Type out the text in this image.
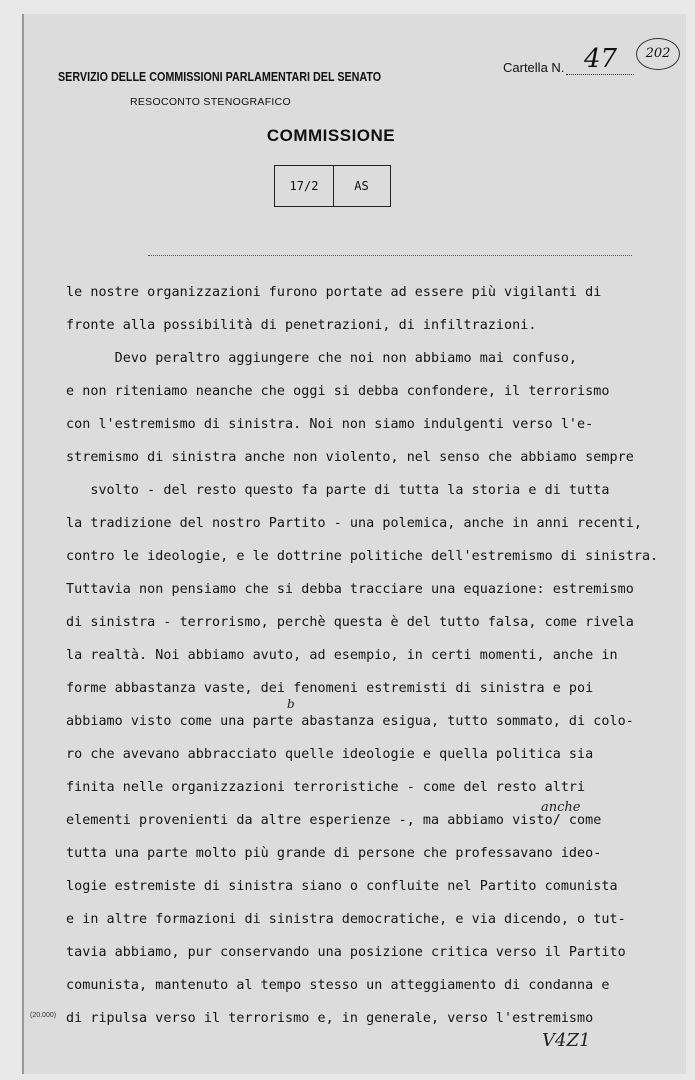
SERVIZIO DELLE COMMISSIONI PARLAMENTARI DEL SENATO
RESOCONTO STENOGRAFICO
Cartella N. 47	202
COMMISSIONE
17/2	AS
le nostre organizzazioni furono portate ad essere più vigilanti di
fronte alla possibilità di penetrazioni, di infiltrazioni.
Devo peraltro aggiungere che noi non abbiamo mai confuso,
e non riteniamo neanche che oggi si debba confondere, il terrorismo
con l'estremismo di sinistra. Noi non siamo indulgenti verso l'e-
stremismo di sinistra anche non violento, nel senso che abbiamo sempre
svolto - del resto questo fa parte di tutta la storia e di tutta
la tradizione del nostro Partito - una polemica, anche in anni recenti,
contro le ideologie, e le dottrine politiche dell'estremismo di sinistra.
Tuttavia non pensiamo che si debba tracciare una equazione: estremismo
di sinistra - terrorismo, perchè questa è del tutto falsa, come rivela
la realtà. Noi abbiamo avuto, ad esempio, in certi momenti, anche in
forme abbastanza vaste, dei fenomeni estremisti di sinistra e poi
abbiamo visto come una parte abastanza esigua, tutto sommato, di colo-
ro che avevano abbracciato quelle ideologie e quella politica sia
finita nelle organizzazioni terroristiche - come del resto altri
elementi provenienti da altre esperienze -, ma abbiamo visto/ come
tutta una parte molto più grande di persone che professavano ideo-
logie estremiste di sinistra siano o confluite nel Partito comunista
e in altre formazioni di sinistra democratiche, e via dicendo, o tut-
tavia abbiamo, pur conservando una posizione critica verso il Partito
comunista, mantenuto al tempo stesso un atteggiamento di condanna e
di ripulsa verso il terrorismo e, in generale, verso l'estremismo
b
anche
(20.000)
V4Z1
